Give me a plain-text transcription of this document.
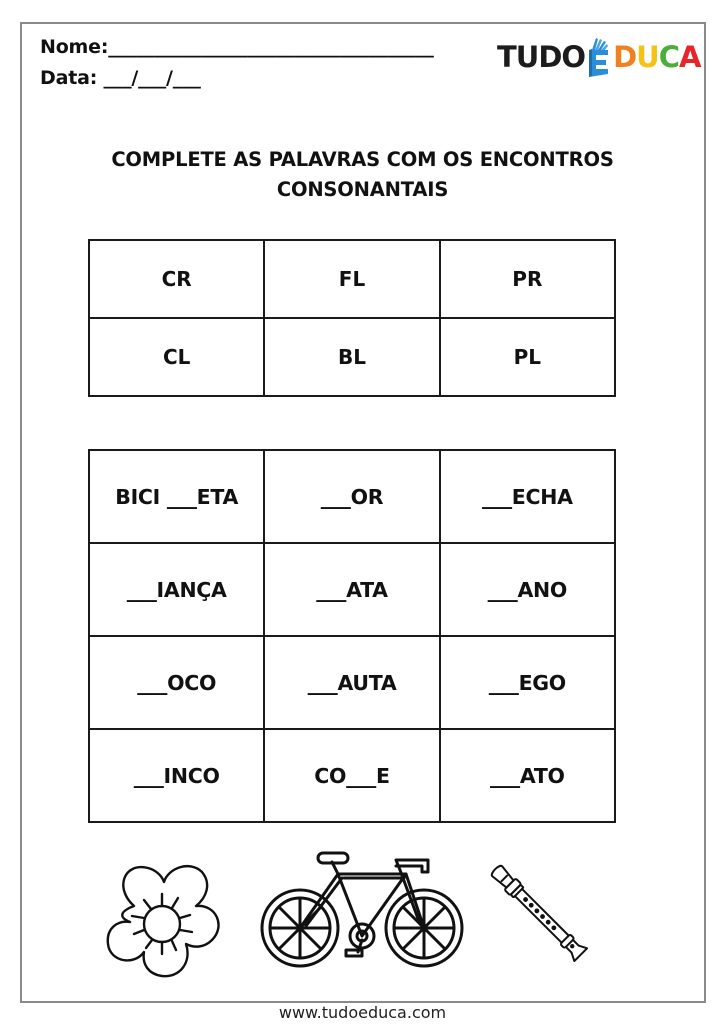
Nome:___________________________________
Data: ___/___/___
TUDO D U C A
COMPLETE AS PALAVRAS COM OS ENCONTROS
CONSONANTAIS
CR	FL	PR
CL	BL	PL
BICI ___ETA	___OR	___ECHA
___IANÇA	___ATA	___ANO
___OCO	___AUTA	___EGO
___INCO	CO___E	___ATO
www.tudoeduca.com
